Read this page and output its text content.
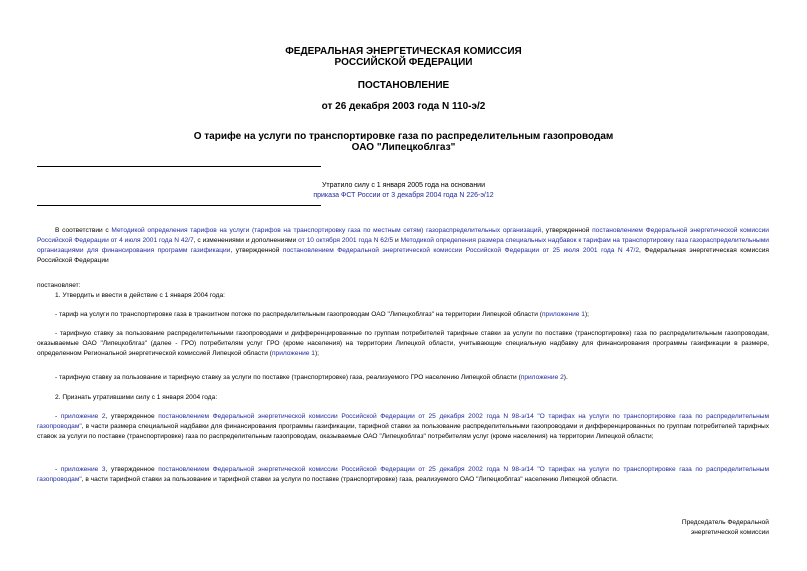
ФЕДЕРАЛЬНАЯ ЭНЕРГЕТИЧЕСКАЯ КОМИССИЯ
РОССИЙСКОЙ ФЕДЕРАЦИИ
ПОСТАНОВЛЕНИЕ
от 26 декабря 2003 года N 110-э/2
О тарифе на услуги по транспортировке газа по распределительным газопроводам
ОАО "Липецкоблгаз"
Утратило силу с 1 января 2005 года на основании
приказа ФСТ России от 3 декабря 2004 года N 226-э/12
В соответствии с Методикой определения тарифов на услуги (тарифов на транспортировку газа по местным сетям) газораспределительных организаций, утвержденной постановлением Федеральной энергетической комиссии Российской Федерации от 4 июля 2001 года N 42/7, с изменениями и дополнениями от 10 октября 2001 года N 62/5 и Методикой определения размера специальных надбавок к тарифам на транспортировку газа газораспределительными организациями для финансирования программ газификации, утвержденной постановлением Федеральной энергетической комиссии Российской Федерации от 25 июля 2001 года N 47/2, Федеральная энергетическая комиссия Российской Федерации
постановляет:
1. Утвердить и ввести в действие с 1 января 2004 года:
- тариф на услуги по транспортировке газа в транзитном потоке по распределительным газопроводам ОАО "Липецкоблгаз" на территории Липецкой области (приложение 1);
- тарифную ставку за пользование распределительными газопроводами и дифференцированные по группам потребителей тарифные ставки за услуги по поставке (транспортировке) газа по распределительным газопроводам, оказываемые ОАО "Липецкоблгаз" (далее - ГРО) потребителям услуг ГРО (кроме населения) на территории Липецкой области, учитывающие специальную надбавку для финансирования программы газификации в размере, определенном Региональной энергетической комиссией Липецкой области (приложение 1);
- тарифную ставку за пользование и тарифную ставку за услуги по поставке (транспортировке) газа, реализуемого ГРО населению Липецкой области (приложение 2).
2. Признать утратившими силу с 1 января 2004 года:
- приложение 2, утвержденное постановлением Федеральной энергетической комиссии Российской Федерации от 25 декабря 2002 года N 98-э/14 "О тарифах на услуги по транспортировке газа по распределительным газопроводам", в части размера специальной надбавки для финансирования программы газификации, тарифной ставки за пользование распределительными газопроводами и дифференцированных по группам потребителей тарифных ставок за услуги по поставке (транспортировке) газа по распределительным газопроводам, оказываемые ОАО "Липецкоблгаз" потребителям услуг (кроме населения) на территории Липецкой области;
- приложение 3, утвержденное постановлением Федеральной энергетической комиссии Российской Федерации от 25 декабря 2002 года N 98-э/14 "О тарифах на услуги по транспортировке газа по распределительным газопроводам", в части тарифной ставки за пользование и тарифной ставки за услуги по поставке (транспортировке) газа, реализуемого ОАО "Липецкоблгаз" населению Липецкой области.
Председатель Федеральной
энергетической комиссии
